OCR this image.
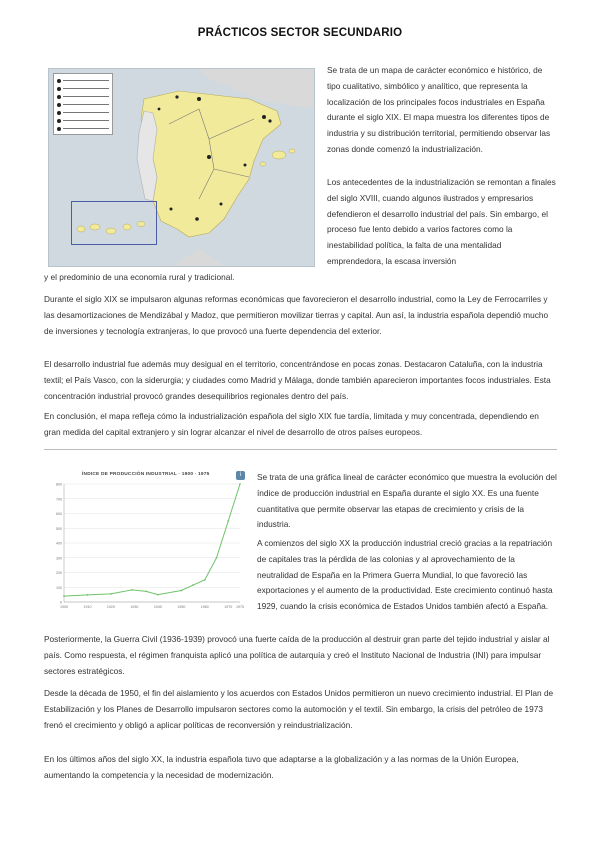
PRÁCTICOS SECTOR SECUNDARIO
Se trata de un mapa de carácter económico e histórico, de tipo cualitativo, simbólico y analítico, que representa la localización de los principales focos industriales en España durante el siglo XIX. El mapa muestra los diferentes tipos de industria y su distribución territorial, permitiendo observar las zonas donde comenzó la industrialización.
Los antecedentes de la industrialización se remontan a finales del siglo XVIII, cuando algunos ilustrados y empresarios defendieron el desarrollo industrial del país. Sin embargo, el proceso fue lento debido a varios factores como la inestabilidad política, la falta de una mentalidad emprendedora, la escasa inversión
y el predominio de una economía rural y tradicional.
Durante el siglo XIX se impulsaron algunas reformas económicas que favorecieron el desarrollo industrial, como la Ley de Ferrocarriles y las desamortizaciones de Mendizábal y Madoz, que permitieron movilizar tierras y capital. Aun así, la industria española dependió mucho de inversiones y tecnología extranjeras, lo que provocó una fuerte dependencia del exterior.
El desarrollo industrial fue además muy desigual en el territorio, concentrándose en pocas zonas. Destacaron Cataluña, con la industria textil; el País Vasco, con la siderurgia; y ciudades como Madrid y Málaga, donde también aparecieron importantes focos industriales. Esta concentración industrial provocó grandes desequilibrios regionales dentro del país.
En conclusión, el mapa refleja cómo la industrialización española del siglo XIX fue tardía, limitada y muy concentrada, dependiendo en gran medida del capital extranjero y sin lograr alcanzar el nivel de desarrollo de otros países europeos.
ÍNDICE DE PRODUCCIÓN INDUSTRIAL · 1900 · 1975	i
0
100
200
300
400
500
600
700
800
1900	1910	1920	1930	1940	1950	1960	1970 1975
Se trata de una gráfica lineal de carácter económico que muestra la evolución del índice de producción industrial en España durante el siglo XX. Es una fuente cuantitativa que permite observar las etapas de crecimiento y crisis de la industria.
A comienzos del siglo XX la producción industrial creció gracias a la repatriación de capitales tras la pérdida de las colonias y al aprovechamiento de la neutralidad de España en la Primera Guerra Mundial, lo que favoreció las exportaciones y el aumento de la productividad. Este crecimiento continuó hasta 1929, cuando la crisis económica de Estados Unidos también afectó a España.
Posteriormente, la Guerra Civil (1936-1939) provocó una fuerte caída de la producción al destruir gran parte del tejido industrial y aislar al país. Como respuesta, el régimen franquista aplicó una política de autarquía y creó el Instituto Nacional de Industria (INI) para impulsar sectores estratégicos.
Desde la década de 1950, el fin del aislamiento y los acuerdos con Estados Unidos permitieron un nuevo crecimiento industrial. El Plan de Estabilización y los Planes de Desarrollo impulsaron sectores como la automoción y el textil. Sin embargo, la crisis del petróleo de 1973 frenó el crecimiento y obligó a aplicar políticas de reconversión y reindustrialización.
En los últimos años del siglo XX, la industria española tuvo que adaptarse a la globalización y a las normas de la Unión Europea, aumentando la competencia y la necesidad de modernización.
